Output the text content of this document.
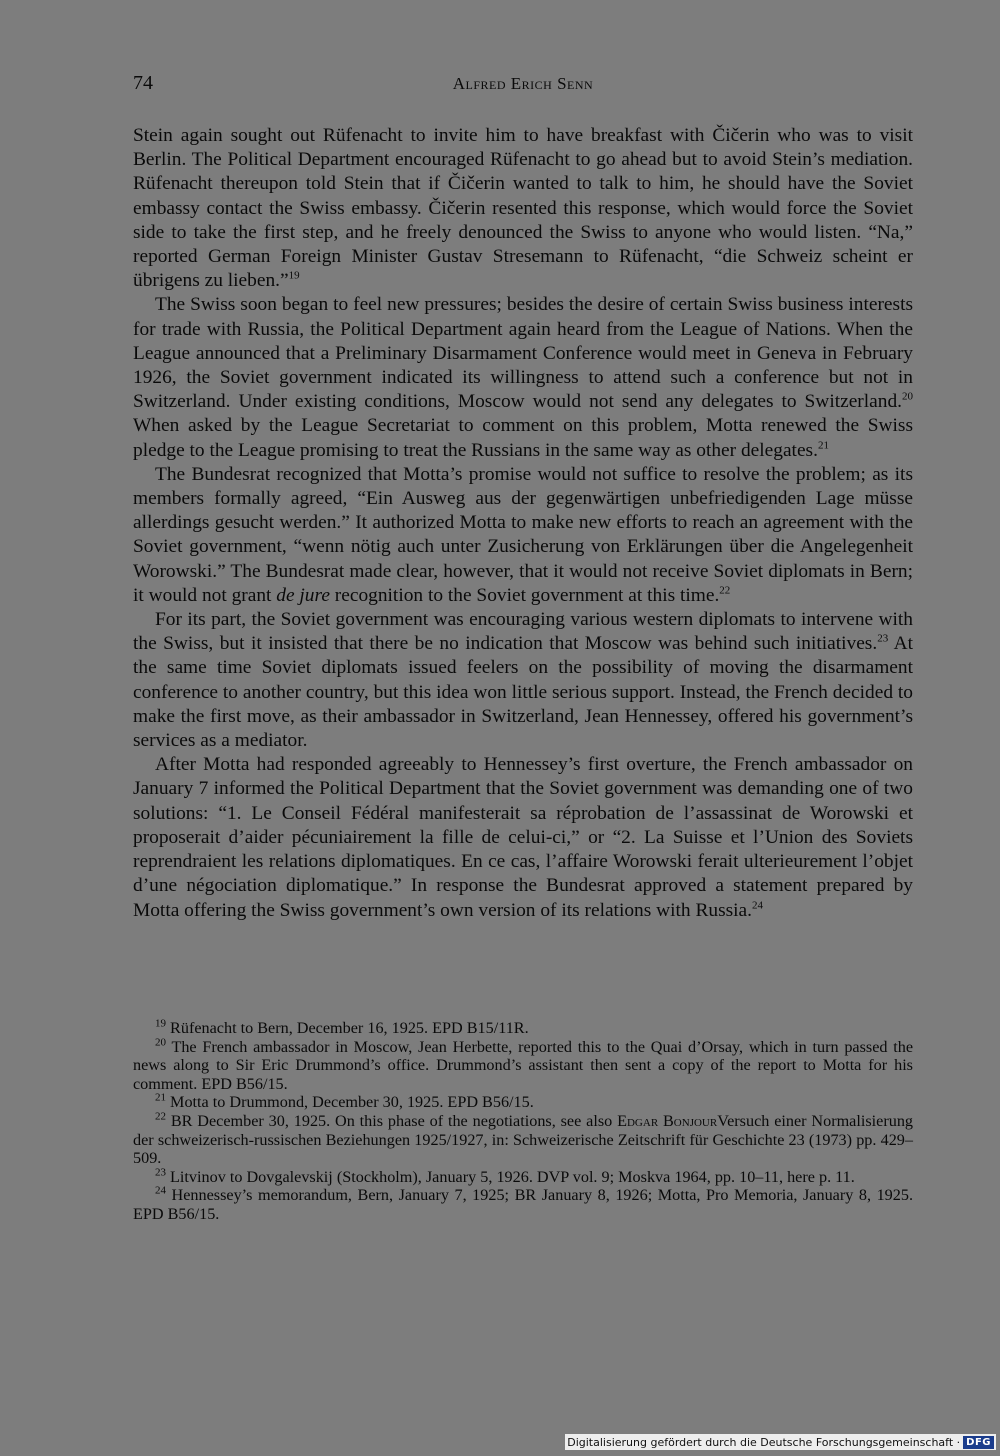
74	Alfred Erich Senn

Stein again sought out Rüfenacht to invite him to have breakfast with Čičerin who was to visit Berlin. The Political Department encouraged Rüfenacht to go ahead but to avoid Stein’s mediation. Rüfenacht thereupon told Stein that if Čičerin wanted to talk to him, he should have the Soviet embassy contact the Swiss embassy. Čičerin resented this response, which would force the Soviet side to take the first step, and he freely denounced the Swiss to anyone who would listen. “Na,” reported German Foreign Minister Gustav Stresemann to Rüfenacht, “die Schweiz scheint er übrigens zu lieben.”$^{19}$

The Swiss soon began to feel new pressures; besides the desire of certain Swiss business interests for trade with Russia, the Political Department again heard from the League of Nations. When the League announced that a Preliminary Disarmament Conference would meet in Geneva in February 1926, the Soviet government indicated its willingness to attend such a conference but not in Switzerland. Under existing conditions, Moscow would not send any delegates to Switzerland.$^{20}$ When asked by the League Secretariat to comment on this problem, Motta renewed the Swiss pledge to the League promising to treat the Russians in the same way as other delegates.$^{21}$

The Bundesrat recognized that Motta’s promise would not suffice to resolve the problem; as its members formally agreed, “Ein Ausweg aus der gegenwärtigen unbefriedigenden Lage müsse allerdings gesucht werden.” It authorized Motta to make new efforts to reach an agreement with the Soviet government, “wenn nötig auch unter Zusicherung von Erklärungen über die Angelegenheit Worowski.” The Bundesrat made clear, however, that it would not receive Soviet diplomats in Bern; it would not grant de jure recognition to the Soviet government at this time.$^{22}$

For its part, the Soviet government was encouraging various western diplomats to intervene with the Swiss, but it insisted that there be no indication that Moscow was behind such initiatives.$^{23}$ At the same time Soviet diplomats issued feelers on the possibility of moving the disarmament conference to another country, but this idea won little serious support. Instead, the French decided to make the first move, as their ambassador in Switzerland, Jean Hennessey, offered his government’s services as a mediator.

After Motta had responded agreeably to Hennessey’s first overture, the French ambassador on January 7 informed the Political Department that the Soviet government was demanding one of two solutions: “1. Le Conseil Fédéral manifesterait sa réprobation de l’assassinat de Worowski et proposerait d’aider pécuniairement la fille de celui-ci,” or “2. La Suisse et l’Union des Soviets reprendraient les relations diplomatiques. En ce cas, l’affaire Worowski ferait ulterieurement l’objet d’une négociation diplomatique.” In response the Bundesrat approved a statement prepared by Motta offering the Swiss government’s own version of its relations with Russia.$^{24}$

$^{19}$ Rüfenacht to Bern, December 16, 1925. EPD B15/11R.

$^{20}$ The French ambassador in Moscow, Jean Herbette, reported this to the Quai d’Orsay, which in turn passed the news along to Sir Eric Drummond’s office. Drummond’s assistant then sent a copy of the report to Motta for his comment. EPD B56/15.

$^{21}$ Motta to Drummond, December 30, 1925. EPD B56/15.

$^{22}$ BR December 30, 1925. On this phase of the negotiations, see also Edgar BonjourVersuch einer Normalisierung der schweizerisch-russischen Beziehungen 1925/1927, in: Schweizerische Zeitschrift für Geschichte 23 (1973) pp. 429–509.

$^{23}$ Litvinov to Dovgalevskij (Stockholm), January 5, 1926. DVP vol. 9; Moskva 1964, pp. 10–11, here p. 11.

$^{24}$ Hennessey’s memorandum, Bern, January 7, 1925; BR January 8, 1926; Motta, Pro Memoria, January 8, 1925. EPD B56/15.

Digitalisierung gefördert durch die Deutsche Forschungsgemeinschaft · DFG
